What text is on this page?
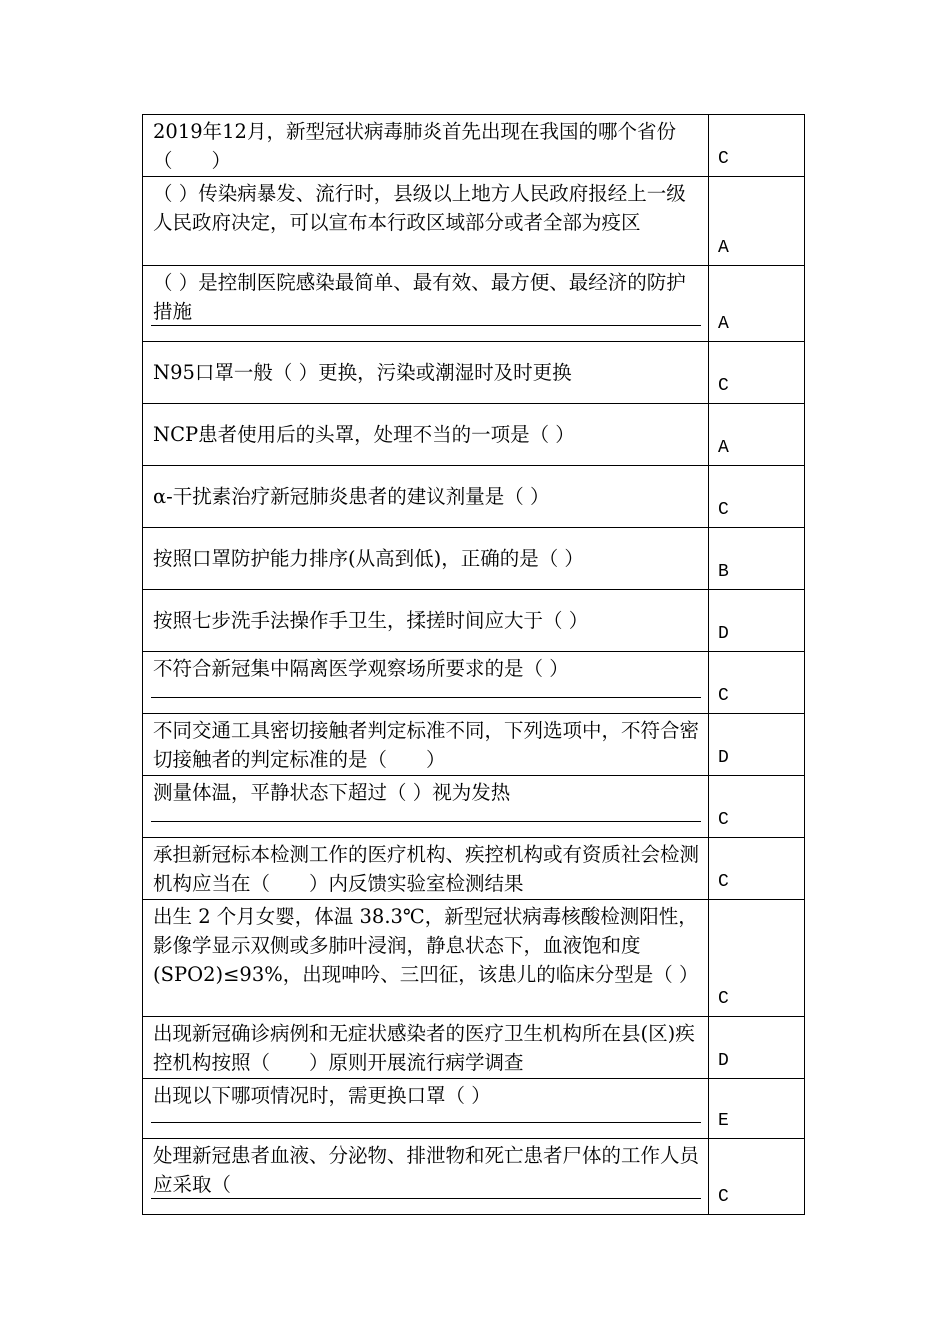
2019年12月，新型冠状病毒肺炎首先出现在我国的哪个省份（　　）	C
（ ）传染病暴发、流行时，县级以上地方人民政府报经上一级人民政府决定，可以宣布本行政区域部分或者全部为疫区	A
（ ）是控制医院感染最简单、最有效、最方便、最经济的防护措施	A
N95口罩一般（ ）更换，污染或潮湿时及时更换	C
NCP患者使用后的头罩，处理不当的一项是（ ）	A
α-干扰素治疗新冠肺炎患者的建议剂量是（ ）	C
按照口罩防护能力排序(从高到低)，正确的是（ ）	B
按照七步洗手法操作手卫生，揉搓时间应大于（ ）	D
不符合新冠集中隔离医学观察场所要求的是（ ）	C
不同交通工具密切接触者判定标准不同，下列选项中，不符合密切接触者的判定标准的是（　　）	D
测量体温，平静状态下超过（ ）视为发热	C
承担新冠标本检测工作的医疗机构、疾控机构或有资质社会检测机构应当在（　　）内反馈实验室检测结果	C
出生 2 个月女婴，体温 38.3℃，新型冠状病毒核酸检测阳性，影像学显示双侧或多肺叶浸润，静息状态下，血液饱和度(SPO2)≤93%，出现呻吟、三凹征，该患儿的临床分型是（ ）	C
出现新冠确诊病例和无症状感染者的医疗卫生机构所在县(区)疾控机构按照（　　）原则开展流行病学调查	D
出现以下哪项情况时，需更换口罩（ ）	E
处理新冠患者血液、分泌物、排泄物和死亡患者尸体的工作人员应采取（	C
